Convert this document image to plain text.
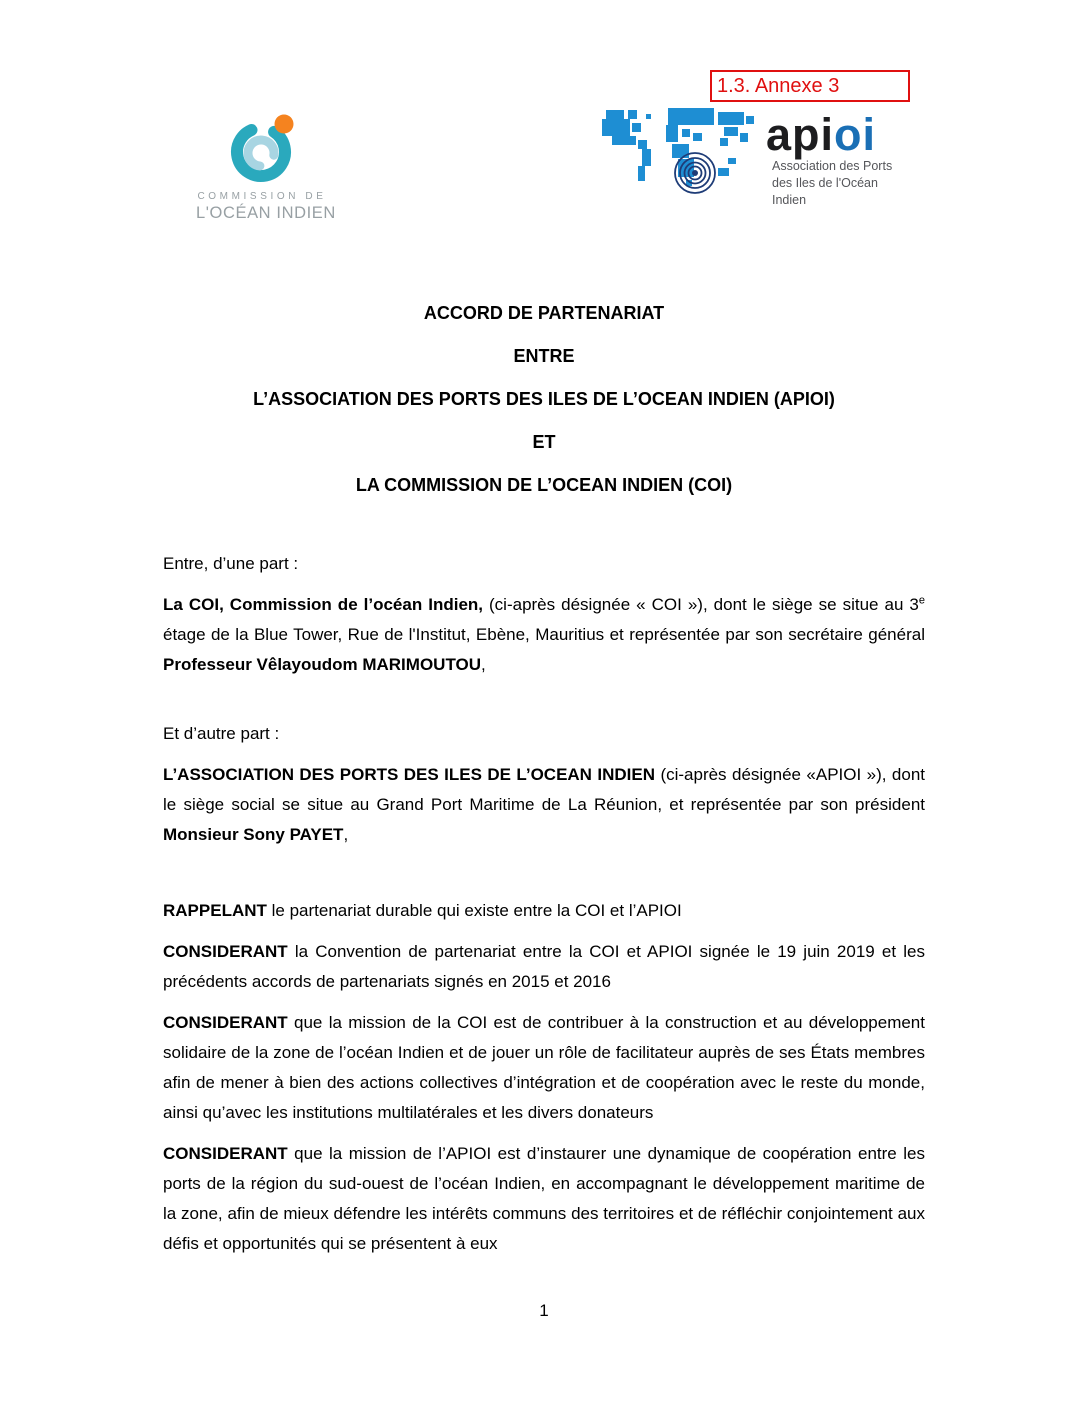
1.3. Annexe 3
COMMISSION DE
L'OCÉAN INDIEN
apioi
Association des Ports
des Iles de l'Océan Indien
ACCORD DE PARTENARIAT
ENTRE
L’ASSOCIATION DES PORTS DES ILES DE L’OCEAN INDIEN (APIOI)
ET
LA COMMISSION DE L’OCEAN INDIEN (COI)

Entre, d’une part :

La COI, Commission de l’océan Indien, (ci-après désignée « COI »), dont le siège se situe au 3e étage de la Blue Tower, Rue de l'Institut, Ebène, Mauritius et représentée par son secrétaire général Professeur Vêlayoudom MARIMOUTOU,

Et d’autre part :

L’ASSOCIATION DES PORTS DES ILES DE L’OCEAN INDIEN (ci-après désignée «APIOI »), dont le siège social se situe au Grand Port Maritime de La Réunion, et représentée par son président Monsieur Sony PAYET,

RAPPELANT le partenariat durable qui existe entre la COI et l’APIOI

CONSIDERANT la Convention de partenariat entre la COI et APIOI signée le 19 juin 2019 et les précédents accords de partenariats signés en 2015 et 2016

CONSIDERANT que la mission de la COI est de contribuer à la construction et au développement solidaire de la zone de l’océan Indien et de jouer un rôle de facilitateur auprès de ses États membres afin de mener à bien des actions collectives d’intégration et de coopération avec le reste du monde, ainsi qu’avec les institutions multilatérales et les divers donateurs

CONSIDERANT que la mission de l’APIOI est d’instaurer une dynamique de coopération entre les ports de la région du sud-ouest de l’océan Indien, en accompagnant le développement maritime de la zone, afin de mieux défendre les intérêts communs des territoires et de réfléchir conjointement aux défis et opportunités qui se présentent à eux

1
